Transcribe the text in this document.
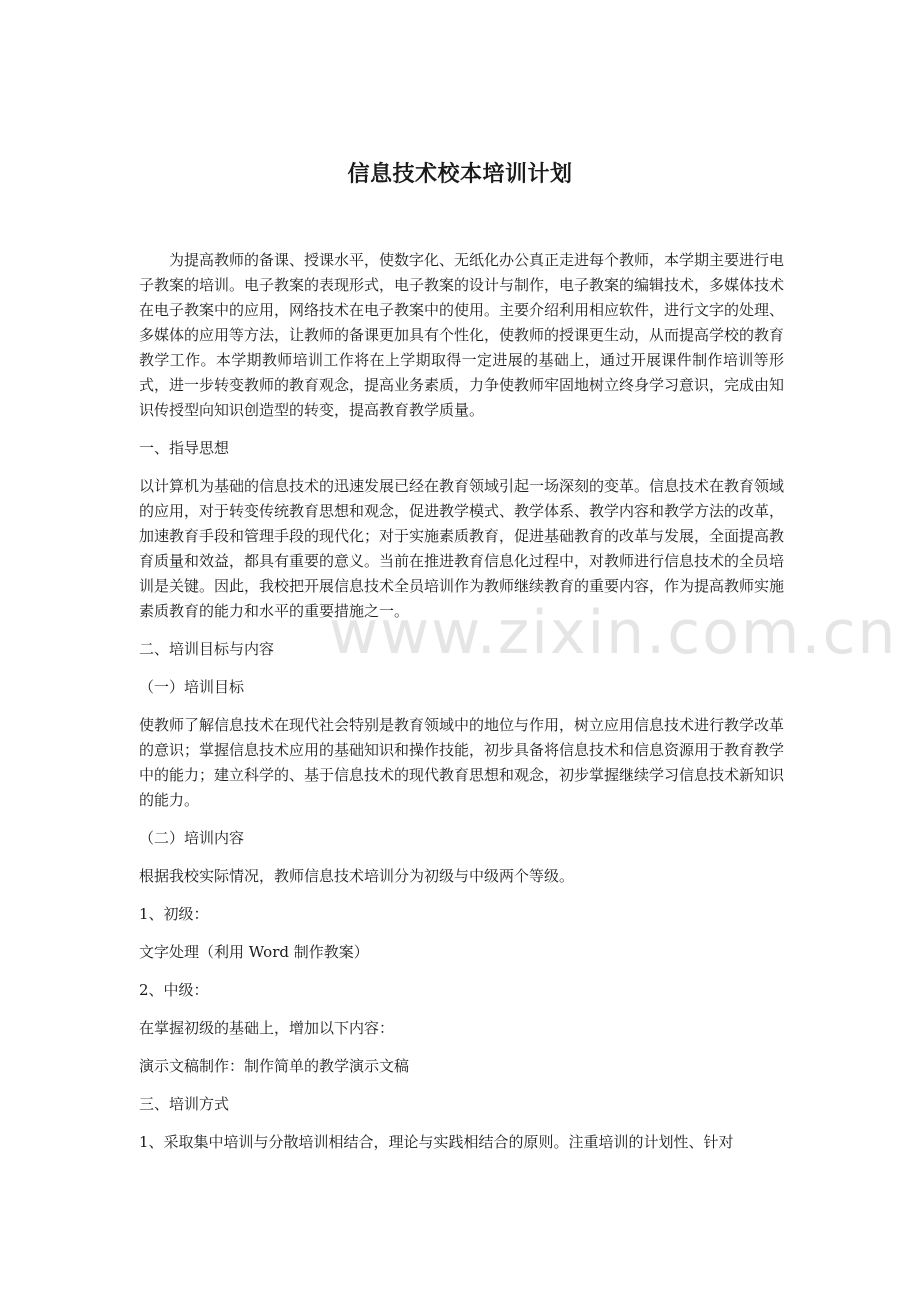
信息技术校本培训计划
www.zixin.com.cn

为提高教师的备课、授课水平，使数字化、无纸化办公真正走进每个教师，本学期主要进行电子教案的培训。电子教案的表现形式，电子教案的设计与制作，电子教案的编辑技术，多媒体技术在电子教案中的应用，网络技术在电子教案中的使用。主要介绍利用相应软件，进行文字的处理、多媒体的应用等方法，让教师的备课更加具有个性化，使教师的授课更生动，从而提高学校的教育教学工作。本学期教师培训工作将在上学期取得一定进展的基础上，通过开展课件制作培训等形式，进一步转变教师的教育观念，提高业务素质，力争使教师牢固地树立终身学习意识，完成由知识传授型向知识创造型的转变，提高教育教学质量。

一、指导思想

以计算机为基础的信息技术的迅速发展已经在教育领域引起一场深刻的变革。信息技术在教育领域的应用，对于转变传统教育思想和观念，促进教学模式、教学体系、教学内容和教学方法的改革，加速教育手段和管理手段的现代化；对于实施素质教育，促进基础教育的改革与发展，全面提高教育质量和效益，都具有重要的意义。当前在推进教育信息化过程中，对教师进行信息技术的全员培训是关键。因此，我校把开展信息技术全员培训作为教师继续教育的重要内容，作为提高教师实施素质教育的能力和水平的重要措施之一。

二、培训目标与内容

（一）培训目标

使教师了解信息技术在现代社会特别是教育领域中的地位与作用，树立应用信息技术进行教学改革的意识；掌握信息技术应用的基础知识和操作技能，初步具备将信息技术和信息资源用于教育教学中的能力；建立科学的、基于信息技术的现代教育思想和观念，初步掌握继续学习信息技术新知识的能力。

（二）培训内容

根据我校实际情况，教师信息技术培训分为初级与中级两个等级。

1、初级：

文字处理（利用 Word 制作教案）

2、中级：

在掌握初级的基础上，增加以下内容：

演示文稿制作：制作简单的教学演示文稿

三、培训方式

1、采取集中培训与分散培训相结合，理论与实践相结合的原则。注重培训的计划性、针对
